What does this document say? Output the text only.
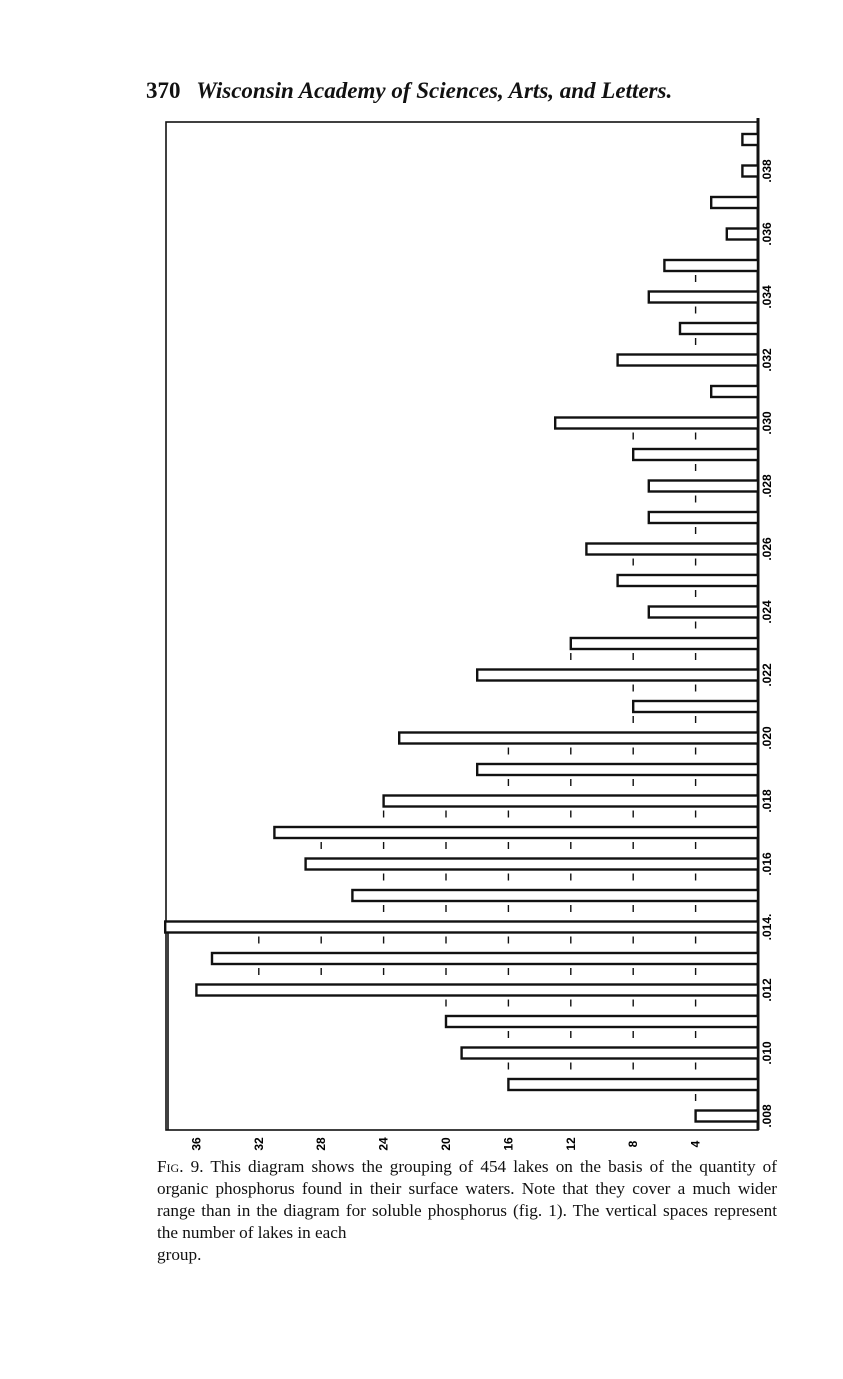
370 Wisconsin Academy of Sciences, Arts, and Letters.
.008
.010
.012
.014.
.016
.018
.020
.022
.024
.026
.028
.030
.032
.034
.036
.038
4
8
12
16
20
24
28
32
36
Fig. 9. This diagram shows the grouping of 454 lakes on the basis of the quantity of organic phosphorus found in their surface waters. Note that they cover a much wider range than in the diagram for soluble phosphorus (fig. 1). The vertical spaces represent the number of lakes in each
group.
